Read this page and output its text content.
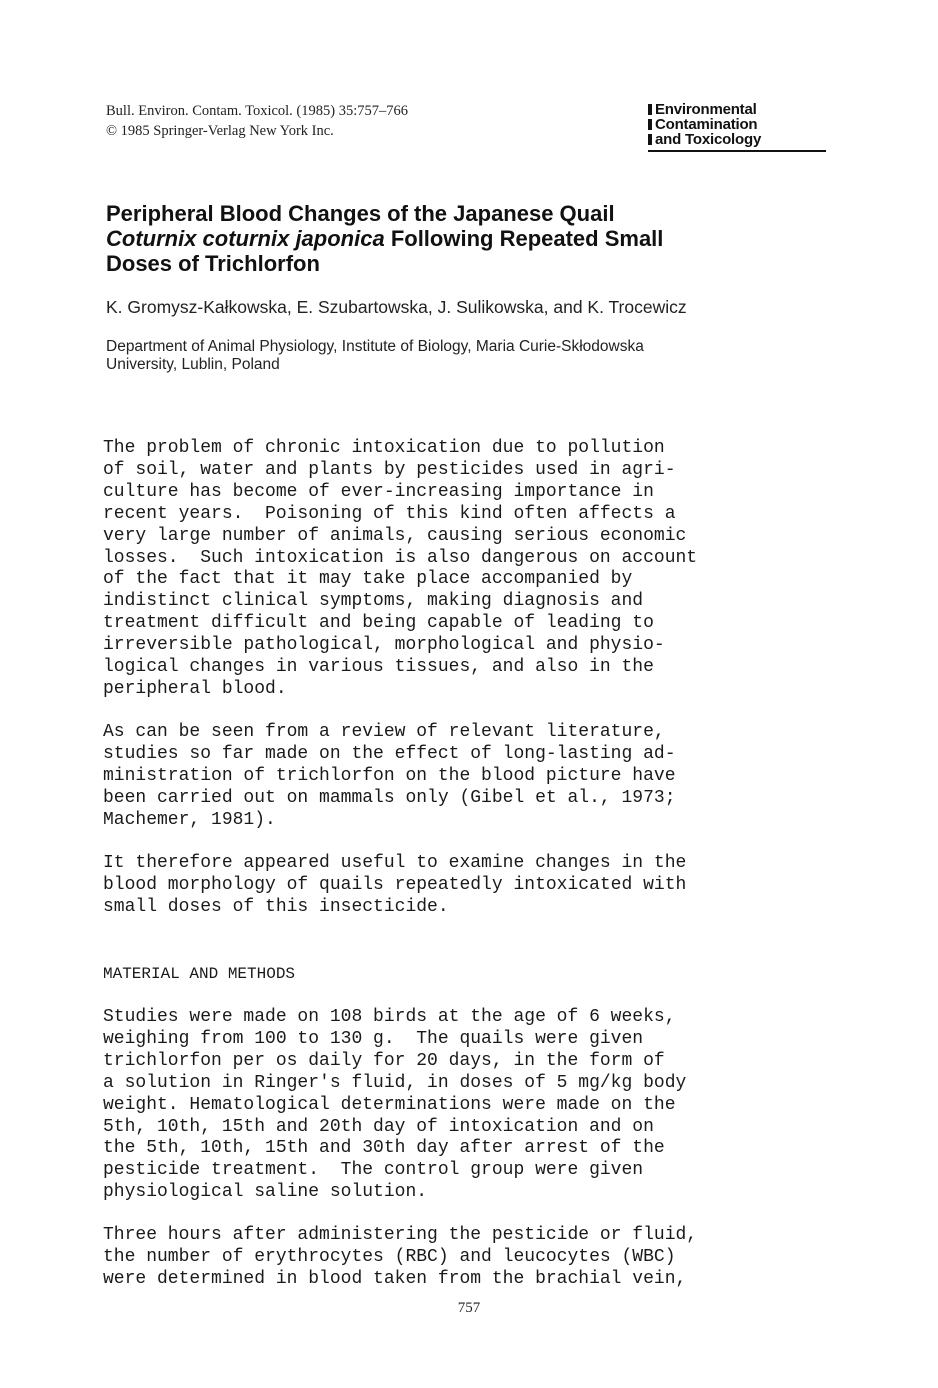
Bull. Environ. Contam. Toxicol. (1985) 35:757–766
© 1985 Springer-Verlag New York Inc.
Environmental
Contamination
and Toxicology
Peripheral Blood Changes of the Japanese Quail
Coturnix coturnix japonica Following Repeated Small
Doses of Trichlorfon
K. Gromysz-Kałkowska, E. Szubartowska, J. Sulikowska, and K. Trocewicz
Department of Animal Physiology, Institute of Biology, Maria Curie-Skłodowska
University, Lublin, Poland

The problem of chronic intoxication due to pollution
of soil, water and plants by pesticides used in agri-
culture has become of ever-increasing importance in
recent years.  Poisoning of this kind often affects a
very large number of animals, causing serious economic
losses.  Such intoxication is also dangerous on account
of the fact that it may take place accompanied by
indistinct clinical symptoms, making diagnosis and
treatment difficult and being capable of leading to
irreversible pathological, morphological and physio-
logical changes in various tissues, and also in the
peripheral blood.

As can be seen from a review of relevant literature,
studies so far made on the effect of long-lasting ad-
ministration of trichlorfon on the blood picture have
been carried out on mammals only (Gibel et al., 1973;
Machemer, 1981).

It therefore appeared useful to examine changes in the
blood morphology of quails repeatedly intoxicated with
small doses of this insecticide.

MATERIAL AND METHODS

Studies were made on 108 birds at the age of 6 weeks,
weighing from 100 to 130 g.  The quails were given
trichlorfon per os daily for 20 days, in the form of
a solution in Ringer's fluid, in doses of 5 mg/kg body
weight. Hematological determinations were made on the
5th, 10th, 15th and 20th day of intoxication and on
the 5th, 10th, 15th and 30th day after arrest of the
pesticide treatment.  The control group were given
physiological saline solution.

Three hours after administering the pesticide or fluid,
the number of erythrocytes (RBC) and leucocytes (WBC)
were determined in blood taken from the brachial vein,

757
